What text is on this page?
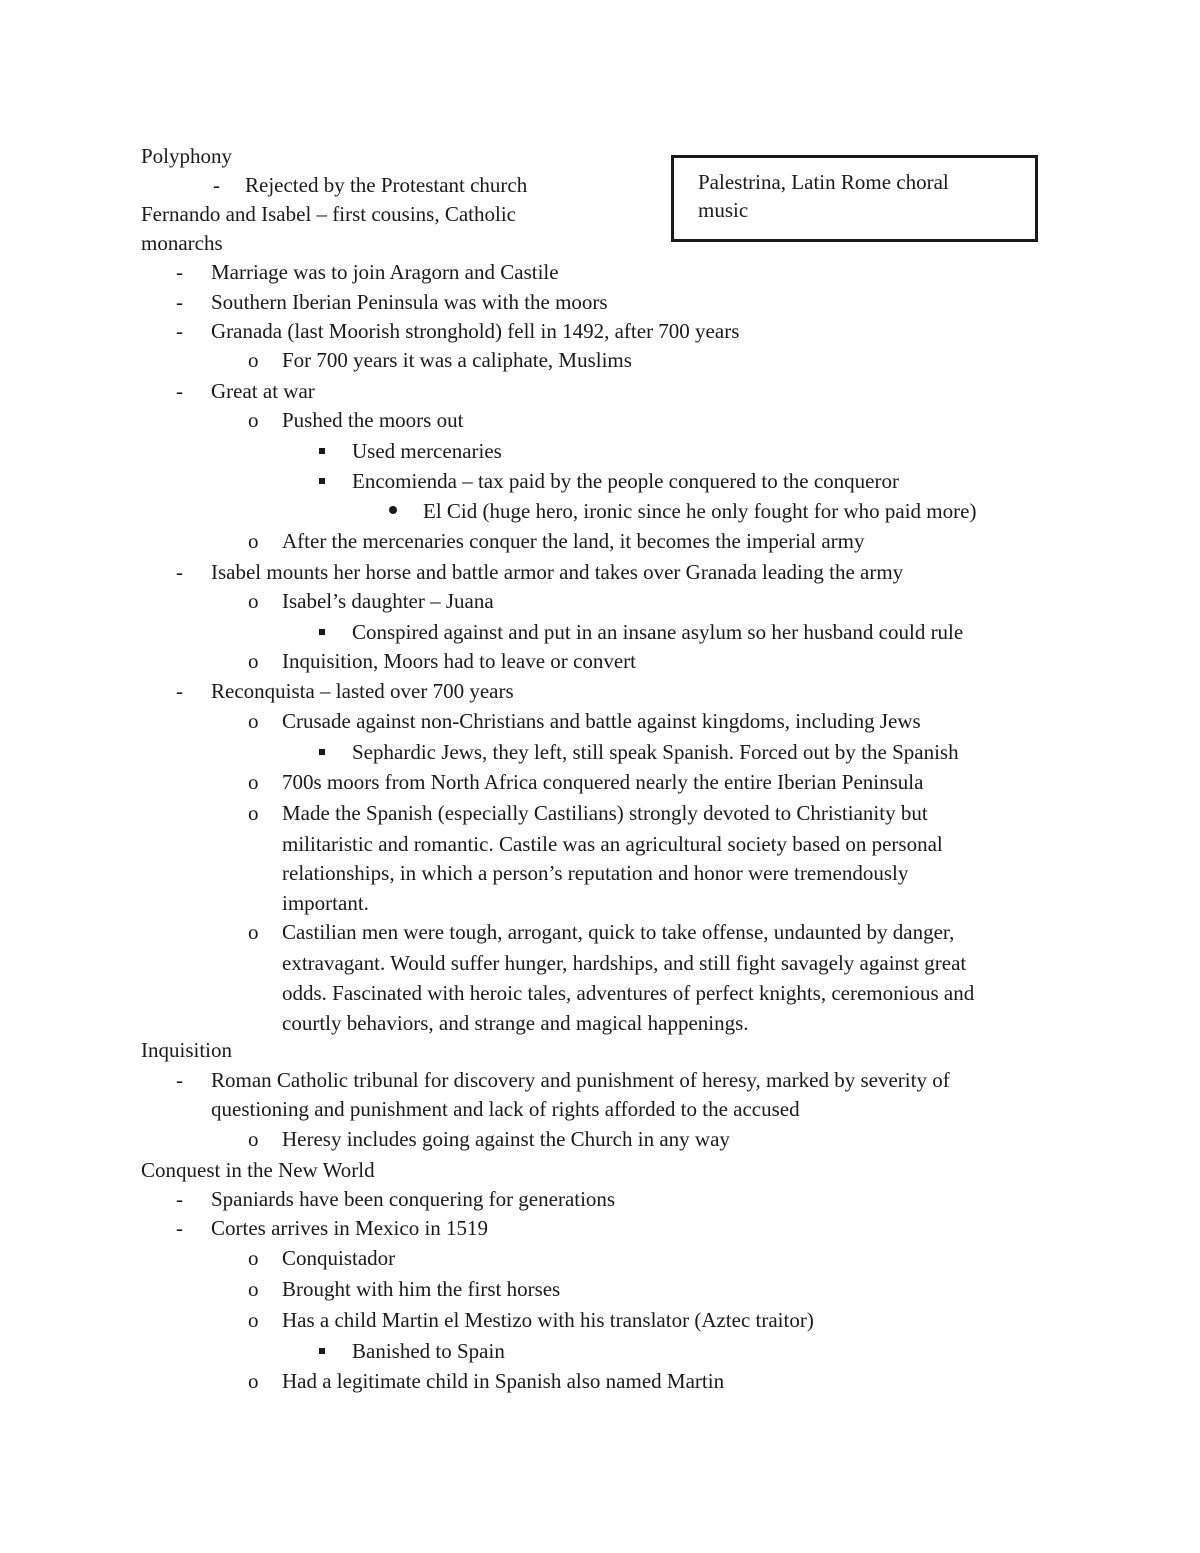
Palestrina, Latin Rome choral
music
Polyphony
- Rejected by the Protestant church
Fernando and Isabel – first cousins, Catholic
monarchs
- Marriage was to join Aragorn and Castile
- Southern Iberian Peninsula was with the moors
- Granada (last Moorish stronghold) fell in 1492, after 700 years
o For 700 years it was a caliphate, Muslims
- Great at war
o Pushed the moors out
Used mercenaries
Encomienda – tax paid by the people conquered to the conqueror
El Cid (huge hero, ironic since he only fought for who paid more)
o After the mercenaries conquer the land, it becomes the imperial army
- Isabel mounts her horse and battle armor and takes over Granada leading the army
o Isabel’s daughter – Juana
Conspired against and put in an insane asylum so her husband could rule
o Inquisition, Moors had to leave or convert
- Reconquista – lasted over 700 years
o Crusade against non-Christians and battle against kingdoms, including Jews
Sephardic Jews, they left, still speak Spanish. Forced out by the Spanish
o 700s moors from North Africa conquered nearly the entire Iberian Peninsula
o Made the Spanish (especially Castilians) strongly devoted to Christianity but
militaristic and romantic. Castile was an agricultural society based on personal
relationships, in which a person’s reputation and honor were tremendously
important.
o Castilian men were tough, arrogant, quick to take offense, undaunted by danger,
extravagant. Would suffer hunger, hardships, and still fight savagely against great
odds. Fascinated with heroic tales, adventures of perfect knights, ceremonious and
courtly behaviors, and strange and magical happenings.
Inquisition
- Roman Catholic tribunal for discovery and punishment of heresy, marked by severity of
questioning and punishment and lack of rights afforded to the accused
o Heresy includes going against the Church in any way
Conquest in the New World
- Spaniards have been conquering for generations
- Cortes arrives in Mexico in 1519
o Conquistador
o Brought with him the first horses
o Has a child Martin el Mestizo with his translator (Aztec traitor)
Banished to Spain
o Had a legitimate child in Spanish also named Martin
